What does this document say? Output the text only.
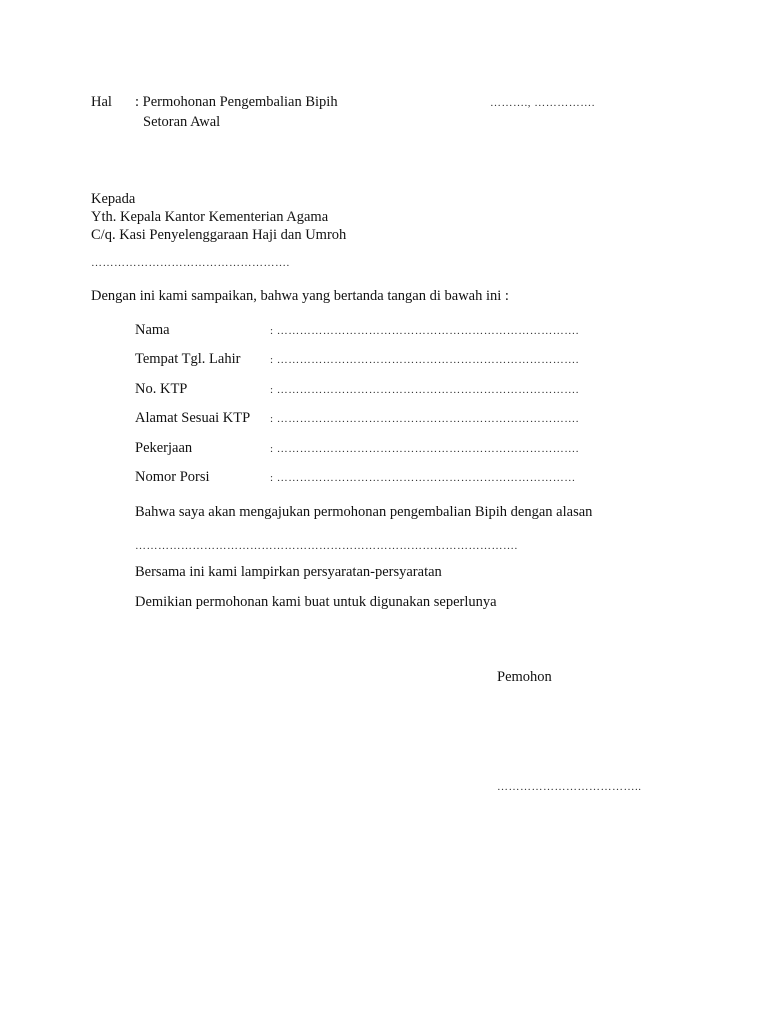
Hal : Permohonan Pengembalian Bipih
Setoran Awal
………., …………….
Kepada
Yth. Kepala Kantor Kementerian Agama
C/q. Kasi Penyelenggaraan Haji dan Umroh
…………………………………………….
Dengan ini kami sampaikan, bahwa yang bertanda tangan di bawah ini :
Nama	: …………………………………………………………………….
Tempat Tgl. Lahir	: …………………………………………………………………….
No. KTP	: …………………………………………………………………….
Alamat Sesuai KTP : …………………………………………………………………….
Pekerjaan	: …………………………………………………………………….
Nomor Porsi	: ……………………………………………………………………
Bahwa saya akan mengajukan permohonan pengembalian Bipih dengan alasan
……………………………………………………………………………………….
Bersama ini kami lampirkan persyaratan-persyaratan
Demikian permohonan kami buat untuk digunakan seperlunya
Pemohon
………………………………..
